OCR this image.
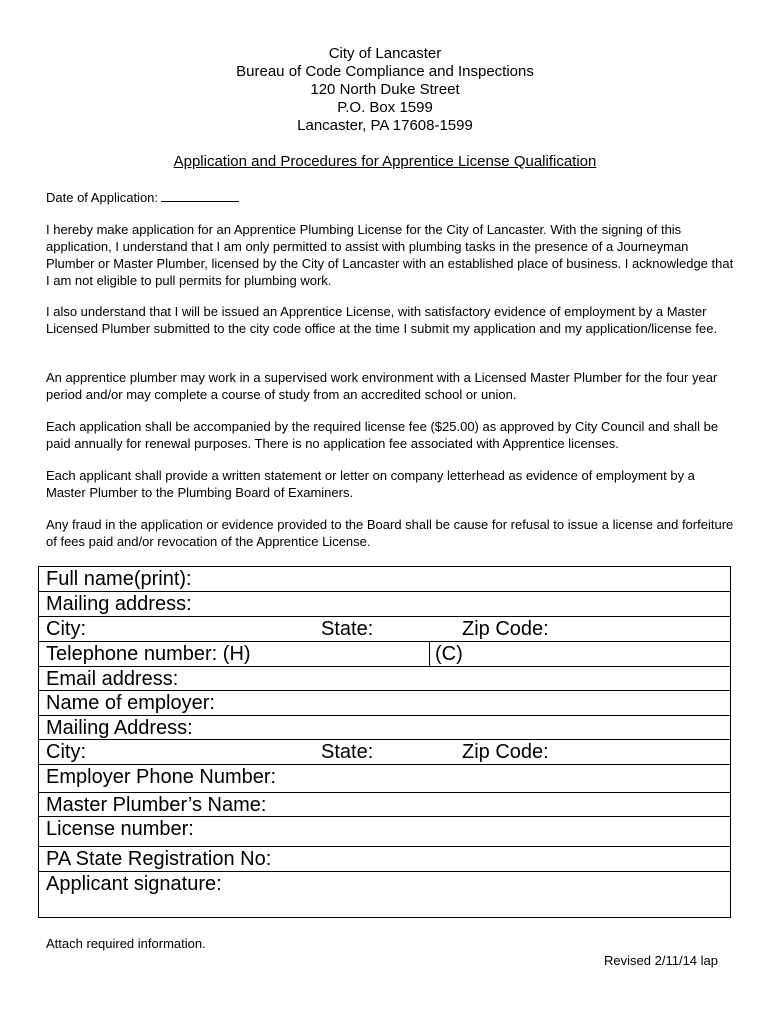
City of Lancaster
Bureau of Code Compliance and Inspections
120 North Duke Street
P.O. Box 1599
Lancaster, PA 17608-1599
Application and Procedures for Apprentice License Qualification
Date of Application:

I hereby make application for an Apprentice Plumbing License for the City of Lancaster. With the signing of this application, I understand that I am only permitted to assist with plumbing tasks in the presence of a Journeyman Plumber or Master Plumber, licensed by the City of Lancaster with an established place of business. I acknowledge that I am not eligible to pull permits for plumbing work.

I also understand that I will be issued an Apprentice License, with satisfactory evidence of employment by a Master Licensed Plumber submitted to the city code office at the time I submit my application and my application/license fee.

An apprentice plumber may work in a supervised work environment with a Licensed Master Plumber for the four year period and/or may complete a course of study from an accredited school or union.

Each application shall be accompanied by the required license fee ($25.00) as approved by City Council and shall be paid annually for renewal purposes. There is no application fee associated with Apprentice licenses.

Each applicant shall provide a written statement or letter on company letterhead as evidence of employment by a Master Plumber to the Plumbing Board of Examiners.

Any fraud in the application or evidence provided to the Board shall be cause for refusal to issue a license and forfeiture of fees paid and/or revocation of the Apprentice License.

Full name(print):
Mailing address:
City:	State:	Zip Code:
Telephone number: (H)	(C)
Email address:
Name of employer:
Mailing Address:
City:	State:	Zip Code:
Employer Phone Number:
Master Plumber’s Name:
License number:
PA State Registration No:
Applicant signature:
Attach required information.
Revised 2/11/14 lap
